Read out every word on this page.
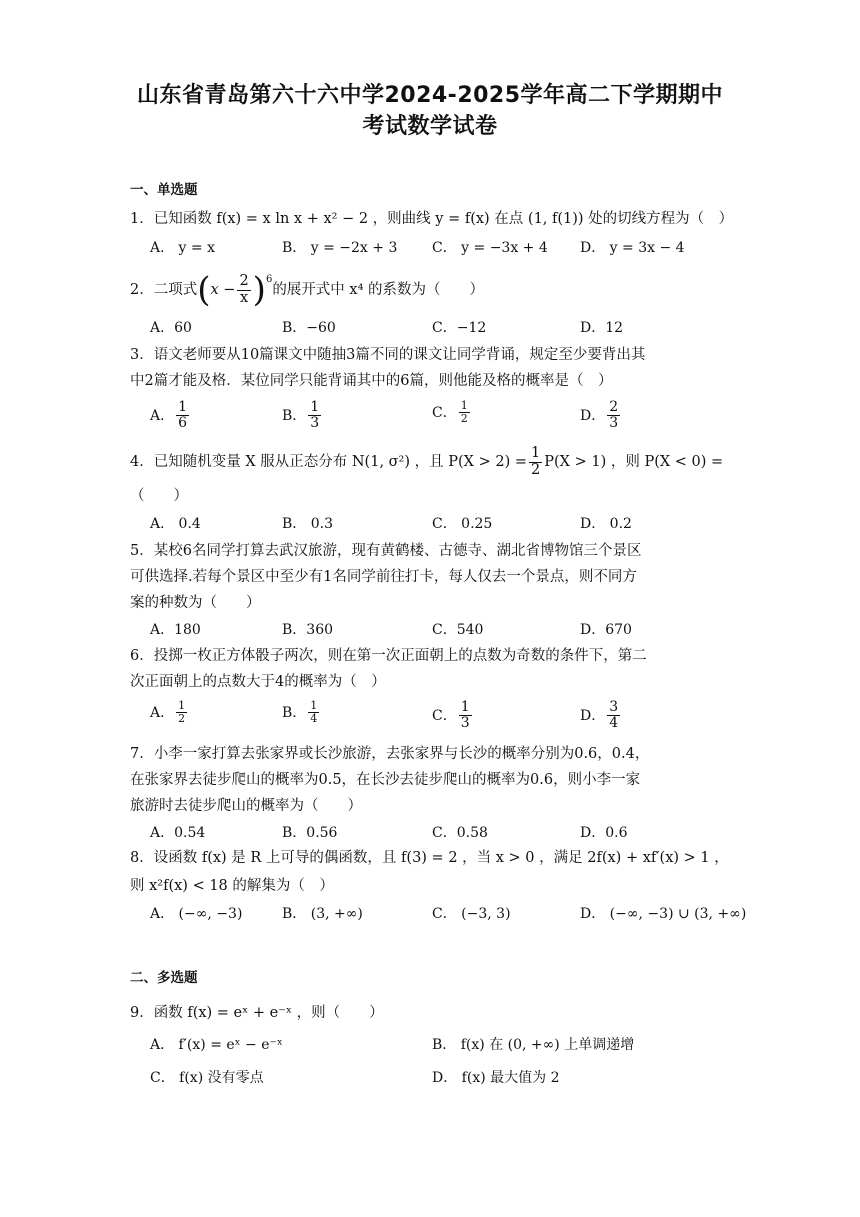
山东省青岛第六十六中学2024-2025学年高二下学期期中
考试数学试卷
一、单选题
1．已知函数 f(x) = x ln x + x² − 2 ，则曲线 y = f(x) 在点 (1, f(1)) 处的切线方程为（　）
A． y = x	B． y = −2x + 3 C． y = −3x + 4 D． y = 3x − 4
2．二项式 ( $x - \frac{2}{x} )^6$
的展开式中 x⁴ 的系数为（　　）
A．60	B．−60	C．−12	D．12
3．语文老师要从10篇课文中随抽3篇不同的课文让同学背诵，规定至少要背出其
中2篇才能及格．某位同学只能背诵其中的6篇，则他能及格的概率是（　）
A． $\frac{1}{6}$	B． $\frac{1}{3}$	C． $\frac{1}{2}$	D． $\frac{2}{3}$
4．已知随机变量 X 服从正态分布 N(1, σ²) ，且 $P(X > 2) = \frac{1}{2} P(X > 1)$ ，则 P(X < 0) =
（　　）
A． 0.4	B． 0.3	C． 0.25	D． 0.2
5．某校6名同学打算去武汉旅游，现有黄鹤楼、古德寺、湖北省博物馆三个景区
可供选择.若每个景区中至少有1名同学前往打卡，每人仅去一个景点，则不同方
案的种数为（　　）
A．180	B．360	C．540	D．670
6．投掷一枚正方体骰子两次，则在第一次正面朝上的点数为奇数的条件下，第二
次正面朝上的点数大于4的概率为（　）
A． $\frac{1}{2}$	B． $\frac{1}{4}$	C． $\frac{1}{3}$	D． $\frac{3}{4}$
7．小李一家打算去张家界或长沙旅游，去张家界与长沙的概率分别为0.6，0.4，
在张家界去徒步爬山的概率为0.5，在长沙去徒步爬山的概率为0.6，则小李一家
旅游时去徒步爬山的概率为（　　）
A．0.54	B．0.56	C．0.58	D．0.6
8．设函数 f(x) 是 R 上可导的偶函数，且 f(3) = 2 ，当 x > 0 ，满足 2f(x) + xf′(x) > 1 ，
则 x²f(x) < 18 的解集为（　）
A． (−∞, −3)	B． (3, +∞)	C． (−3, 3)	D． (−∞, −3) ∪ (3, +∞)
二、多选题
9．函数 f(x) = eˣ + e⁻ˣ ，则（　　）
A． f′(x) = eˣ − e⁻ˣ	B． f(x) 在 (0, +∞) 上单调递增
C． f(x) 没有零点	D． f(x) 最大值为 2
